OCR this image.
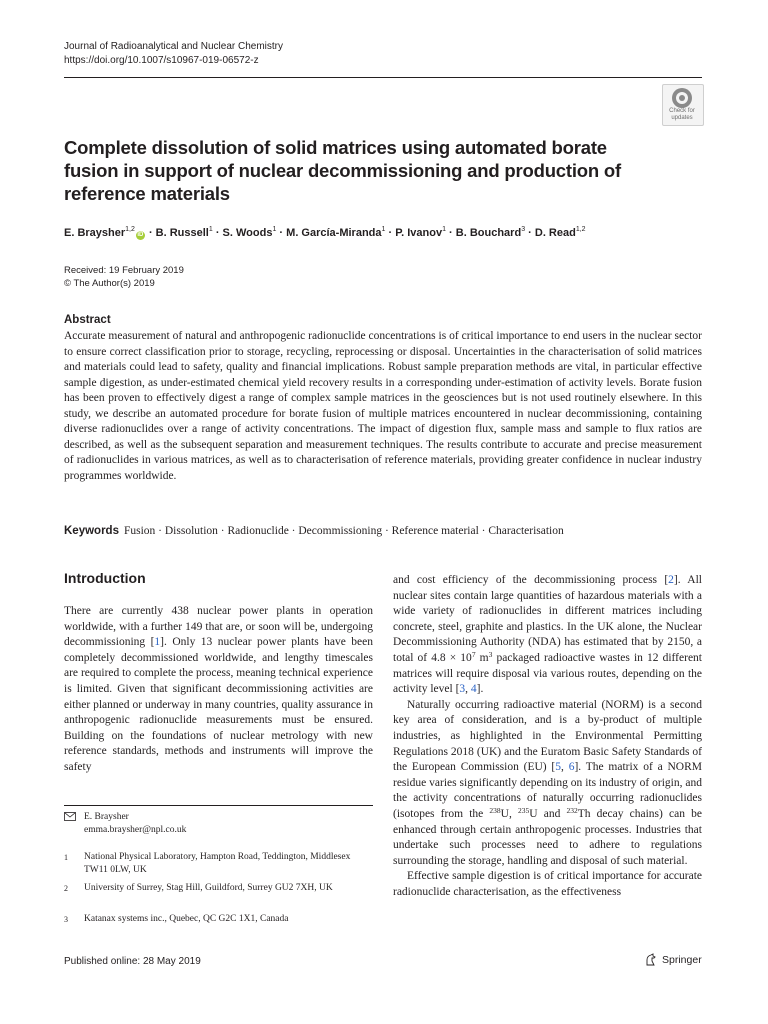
Journal of Radioanalytical and Nuclear Chemistry
https://doi.org/10.1007/s10967-019-06572-z
Check for
updates
Complete dissolution of solid matrices using automated borate fusion in support of nuclear decommissioning and production of reference materials
E. Braysher$^{1,2}$iD · B. Russell$^1$ · S. Woods$^1$ · M. García-Miranda$^1$ · P. Ivanov$^1$ · B. Bouchard$^3$ · D. Read$^{1,2}$
Received: 19 February 2019
© The Author(s) 2019
Abstract
Accurate measurement of natural and anthropogenic radionuclide concentrations is of critical importance to end users in the nuclear sector to ensure correct classification prior to storage, recycling, reprocessing or disposal. Uncertainties in the characterisation of solid matrices and materials could lead to safety, quality and financial implications. Robust sample preparation methods are vital, in particular effective sample digestion, as under-estimated chemical yield recovery results in a corresponding under-estimation of activity levels. Borate fusion has been proven to effectively digest a range of complex sample matrices in the geosciences but is not used routinely elsewhere. In this study, we describe an automated procedure for borate fusion of multiple matrices encountered in nuclear decommissioning, containing diverse radionuclides over a range of activity concentrations. The impact of digestion flux, sample mass and sample to flux ratios are described, as well as the subsequent separation and measurement techniques. The results contribute to accurate and precise measurement of radionuclides in various matrices, as well as to characterisation of reference materials, providing greater confidence in nuclear industry programmes worldwide.
Keywords Fusion · Dissolution · Radionuclide · Decommissioning · Reference material · Characterisation
Introduction

There are currently 438 nuclear power plants in operation worldwide, with a further 149 that are, or soon will be, undergoing decommissioning [1]. Only 13 nuclear power plants have been completely decommissioned worldwide, and lengthy timescales are required to complete the process, meaning technical experience is limited. Given that significant decommissioning activities are either planned or underway in many countries, quality assurance in anthropogenic radionuclide measurements must be ensured. Building on the foundations of nuclear metrology with new reference standards, methods and instruments will improve the safety

and cost efficiency of the decommissioning process [2]. All nuclear sites contain large quantities of hazardous materials with a wide variety of radionuclides in different matrices including concrete, steel, graphite and plastics. In the UK alone, the Nuclear Decommissioning Authority (NDA) has estimated that by 2150, a total of $4.8 \times 10^7$ $m^3$ packaged radioactive wastes in 12 different matrices will require disposal via various routes, depending on the activity level [3, 4].

Naturally occurring radioactive material (NORM) is a second key area of consideration, and is a by-product of multiple industries, as highlighted in the Environmental Permitting Regulations 2018 (UK) and the Euratom Basic Safety Standards of the European Commission (EU) [5, 6]. The matrix of a NORM residue varies significantly depending on its industry of origin, and the activity concentrations of naturally occurring radionuclides (isotopes from the $^{238}$U, $^{235}$U and $^{232}$Th decay chains) can be enhanced through certain anthropogenic processes. Industries that undertake such processes need to adhere to regulations surrounding the storage, handling and disposal of such material.

Effective sample digestion is of critical importance for accurate radionuclide characterisation, as the effectiveness

E. Braysher
emma.braysher@npl.co.uk
1 National Physical Laboratory, Hampton Road, Teddington, Middlesex TW11 0LW, UK
2 University of Surrey, Stag Hill, Guildford, Surrey GU2 7XH, UK
3 Katanax systems inc., Quebec, QC G2C 1X1, Canada
Published online: 28 May 2019	Springer
